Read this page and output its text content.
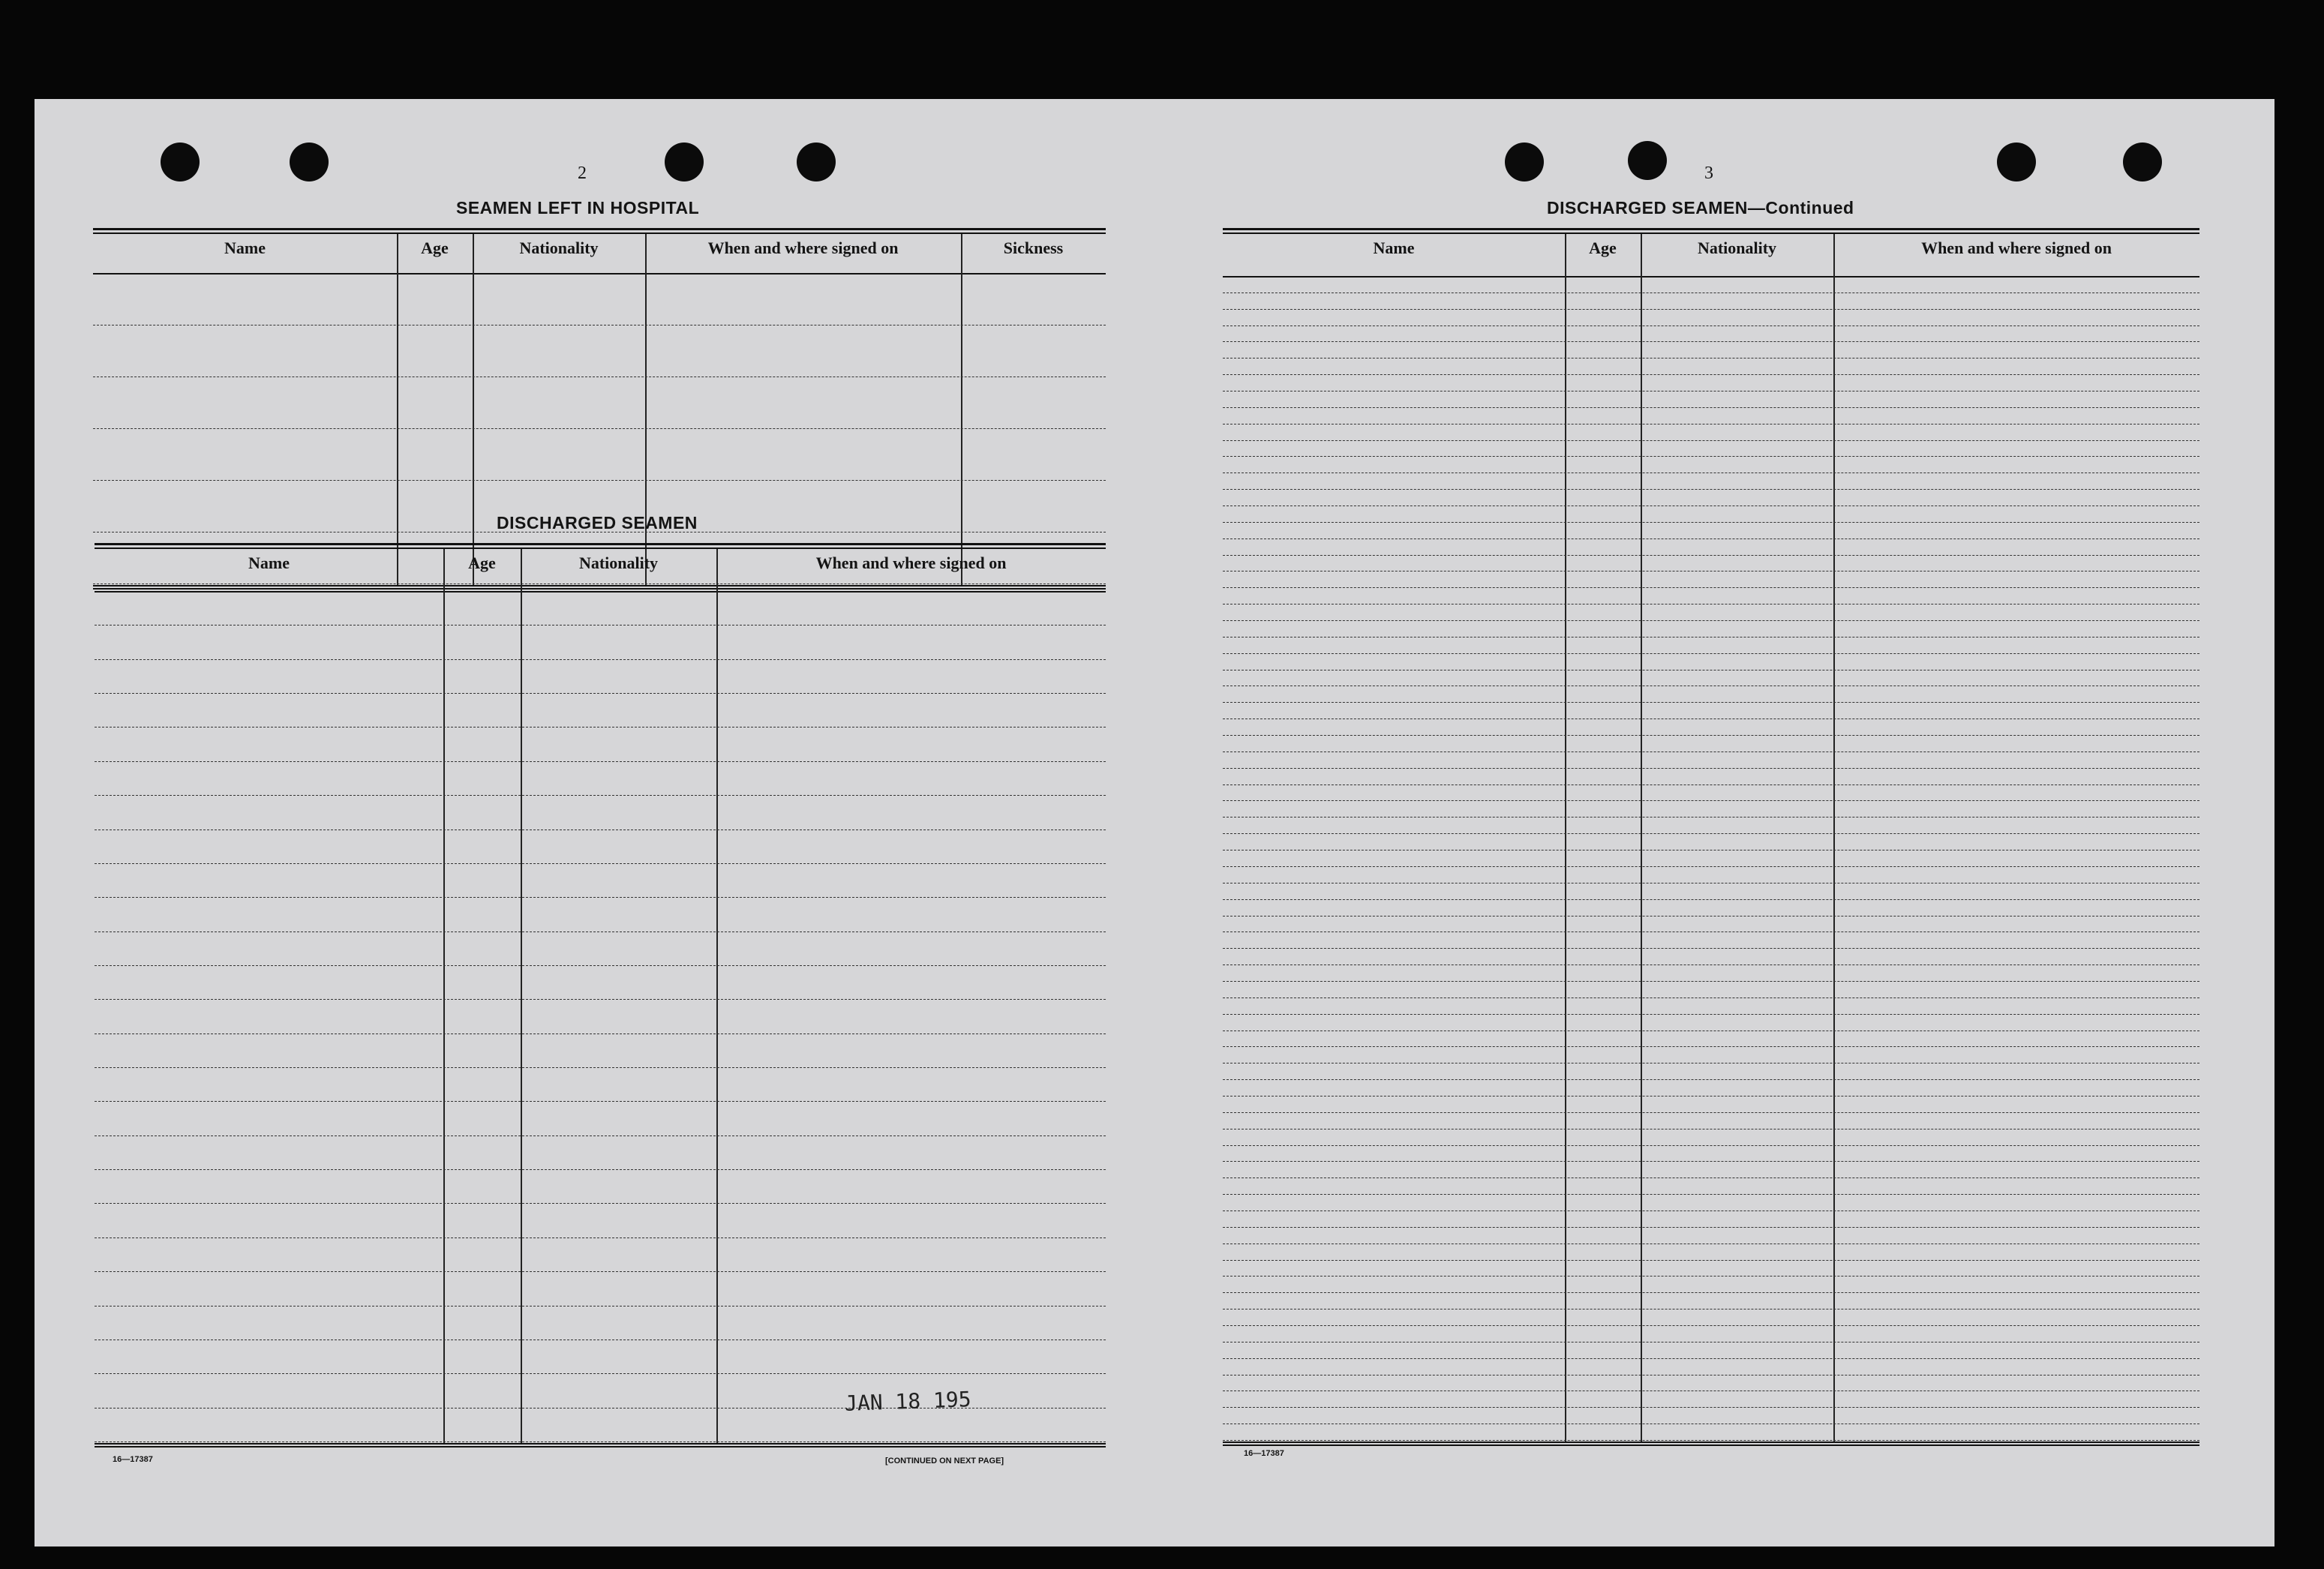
2
SEAMEN LEFT IN HOSPITAL
Name	Age	Nationality	When and where signed on	Sickness
DISCHARGED SEAMEN
Name	Age	Nationality	When and where signed on
JAN 18 195
16—17387	[CONTINUED ON NEXT PAGE]
3
DISCHARGED SEAMEN—Continued
Name	Age	Nationality	When and where signed on
16—17387
